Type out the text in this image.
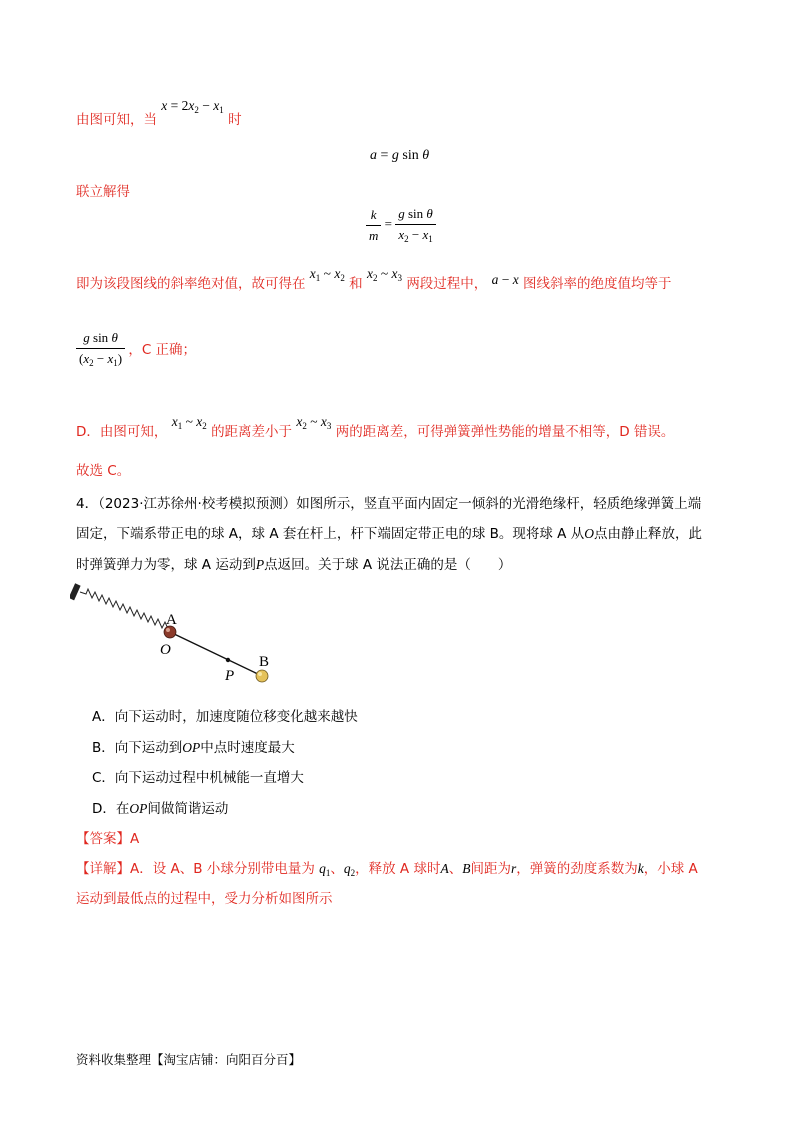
由图可知，当 $x = 2x_2 - x_1$ 时
a = g sin θ
联立解得
$\frac{k}{m} = \frac{\text{g sin θ}}{x_2 - x_1}$
即为该段图线的斜率绝对值，故可得在 $x_1$ ~ $x_2$ 和 $x_2$ ~ $x_3$ 两段过程中， a − x 图线斜率的绝度值均等于
$\frac{\text{g sin θ}}{(x_2 - x_1)}$ ，C 正确；
D．由图可知， $x_1$ ~ $x_2$ 的距离差小于 $x_2$ ~ $x_3$ 两的距离差，可得弹簧弹性势能的增量不相等，D 错误。
故选 C。
4．（2023·江苏徐州·校考模拟预测）如图所示，竖直平面内固定一倾斜的光滑绝缘杆，轻质绝缘弹簧上端
固定，下端系带正电的球 A，球 A 套在杆上，杆下端固定带正电的球 B。现将球 A 从O点由静止释放，此
时弹簧弹力为零，球 A 运动到P点返回。关于球 A 说法正确的是（　　）
A
O
P
B
A．向下运动时，加速度随位移变化越来越快
B．向下运动到OP中点时速度最大
C．向下运动过程中机械能一直增大
D．在OP间做简谐运动
【答案】A
【详解】A．设 A、B 小球分别带电量为 $q_1$、$q_2$，释放 A 球时A、B间距为r，弹簧的劲度系数为k，小球 A
运动到最低点的过程中，受力分析如图所示
资料收集整理【淘宝店铺：向阳百分百】
